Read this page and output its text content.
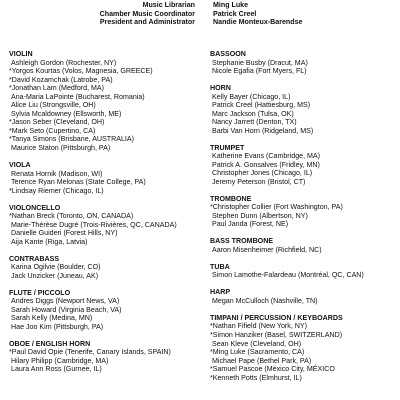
Music Librarian	Ming Luke
Chamber Music Coordinator	Patrick Creel
President and Administrator	Nandie Monteux-Barendse
VIOLIN
Ashleigh Gordon (Rochester, NY)
*Yorgos Kourtas (Volos, Magnesia, GREECE)
*David Kozamchak (Latrobe, PA)
*Jonathan Lam (Medford, MA)
Ana-Maria LaPointe (Bucharest, Romania)
Alice Liu (Strongsville, OH)
Sylvia Mcaldowney (Ellsworth, ME)
*Jason Seber (Cleveland, OH)
*Mark Seto (Cupertino, CA)
*Tanya Simons (Brisbane, AUSTRALIA)
Maurice Staton (Pittsburgh, PA)
VIOLA
Renata Hornik (Madison, WI)
Terence Ryan Melonas (State College, PA)
*Lindsay Riemer (Chicago, IL)
VIOLONCELLO
*Nathan Breck (Toronto, ON, CANADA)
Marie-Thérèse Dugré (Trois-Rivières, QC, CANADA)
Danielle Guideri (Forest Hills, NY)
Aija Kante (Riga, Latvia)
CONTRABASS
Karina Ogilvie (Boulder, CO)
Jack Unzicker (Juneau, AK)
FLUTE / PICCOLO
Andres Diggs (Newport News, VA)
Sarah Howard (Virginia Beach, VA)
Sarah Kelly (Medina, MN)
Hae Joo Kim (Pittsburgh, PA)
OBOE / ENGLISH HORN
*Paul David Opie (Tenerife, Canary Islands, SPAIN)
Hilary Philipp (Cambridge, MA)
Laura Ann Ross (Gurnee, IL)
BASSOON
Stephanie Busby (Dracut, MA)
Nicole Egafia (Fort Myers, FL)
HORN
Kelly Bayer (Chicago, IL)
Patrick Creel (Hattiesburg, MS)
Marc Jackson (Tulsa, OK)
Nancy Jarrett (Denton, TX)
Barbi Van Horn (Ridgeland, MS)
TRUMPET
Katherine Evans (Cambridge, MA)
Patrick A. Gonsalves (Fridley, MN)
Christopher Jones (Chicago, IL)
Jeremy Peterson (Bristol, CT)
TROMBONE
*Christopher Collier (Fort Washington, PA)
Stephen Dunn (Albertson, NY)
Paul Janda (Forest, NE)
BASS TROMBONE
Aaron Misenheimer (Richfield, NC)
TUBA
Simon Lamothe-Falardeau (Montréal, QC, CAN)
HARP
Megan McCulloch (Nashville, TN)
TIMPANI / PERCUSSION / KEYBOARDS
*Nathan Fifield (New York, NY)
*Simon Hanziker (Basel, SWITZERLAND)
Sean Kleve (Cleveland, OH)
*Ming Luke (Sacramento, CA)
Michael Pape (Bethel Park, PA)
*Samuel Pascoe (México City, MÉXICO
*Kenneth Potts (Elmhurst, IL)
